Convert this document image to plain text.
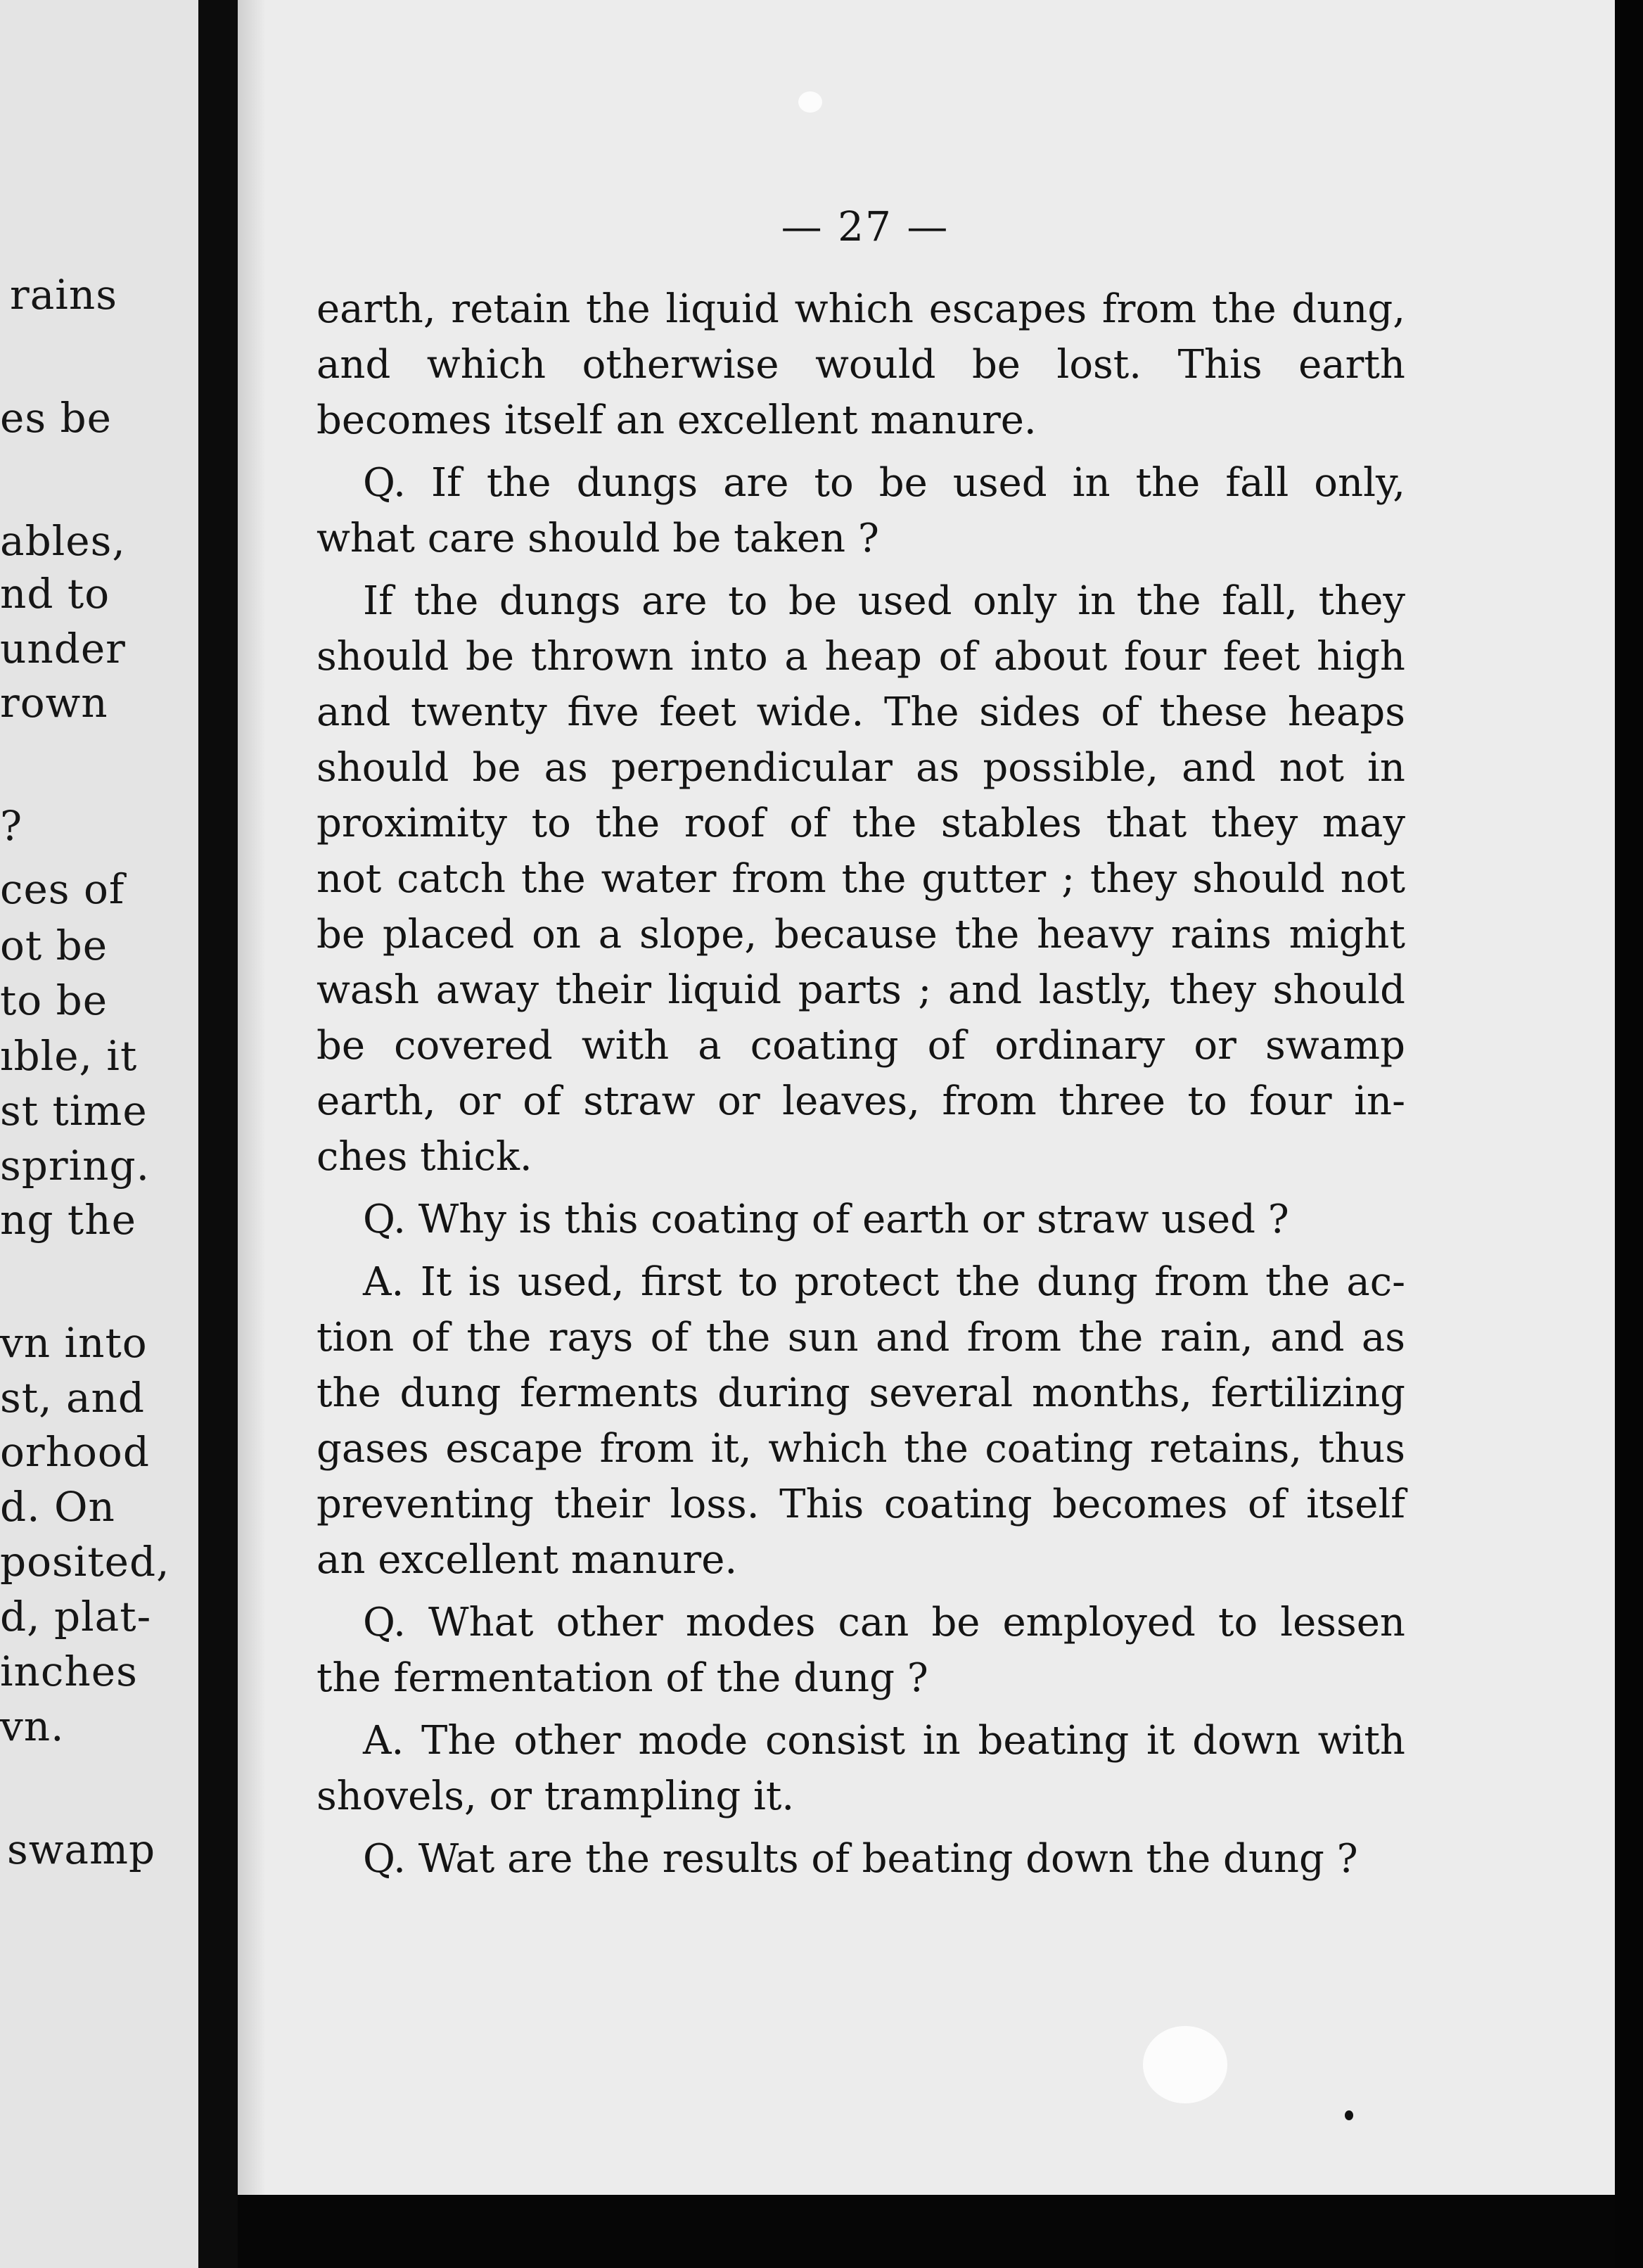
rains
es be
ables,
nd to
under
rown
?
ces of
ot be
to be
ıble, it
st time
spring.
ng the
vn into
st, and
orhood
d. On
posited,
d, plat-
inches
vn.
swamp
— 27 —
earth, retain the liquid which escapes from the dung,
and which otherwise would be lost. This earth
becomes itself an excellent manure.
Q. If the dungs are to be used in the fall only,
what care should be taken ?
If the dungs are to be used only in the fall, they
should be thrown into a heap of about four feet high
and twenty five feet wide. The sides of these heaps
should be as perpendicular as possible, and not in
proximity to the roof of the stables that they may
not catch the water from the gutter ; they should not
be placed on a slope, because the heavy rains might
wash away their liquid parts ; and lastly, they should
be covered with a coating of ordinary or swamp
earth, or of straw or leaves, from three to four in-
ches thick.
Q. Why is this coating of earth or straw used ?
A. It is used, first to protect the dung from the ac-
tion of the rays of the sun and from the rain, and as
the dung ferments during several months, fertilizing
gases escape from it, which the coating retains, thus
preventing their loss. This coating becomes of itself
an excellent manure.
Q. What other modes can be employed to lessen
the fermentation of the dung ?
A. The other mode consist in beating it down with
shovels, or trampling it.
Q. Wat are the results of beating down the dung ?
